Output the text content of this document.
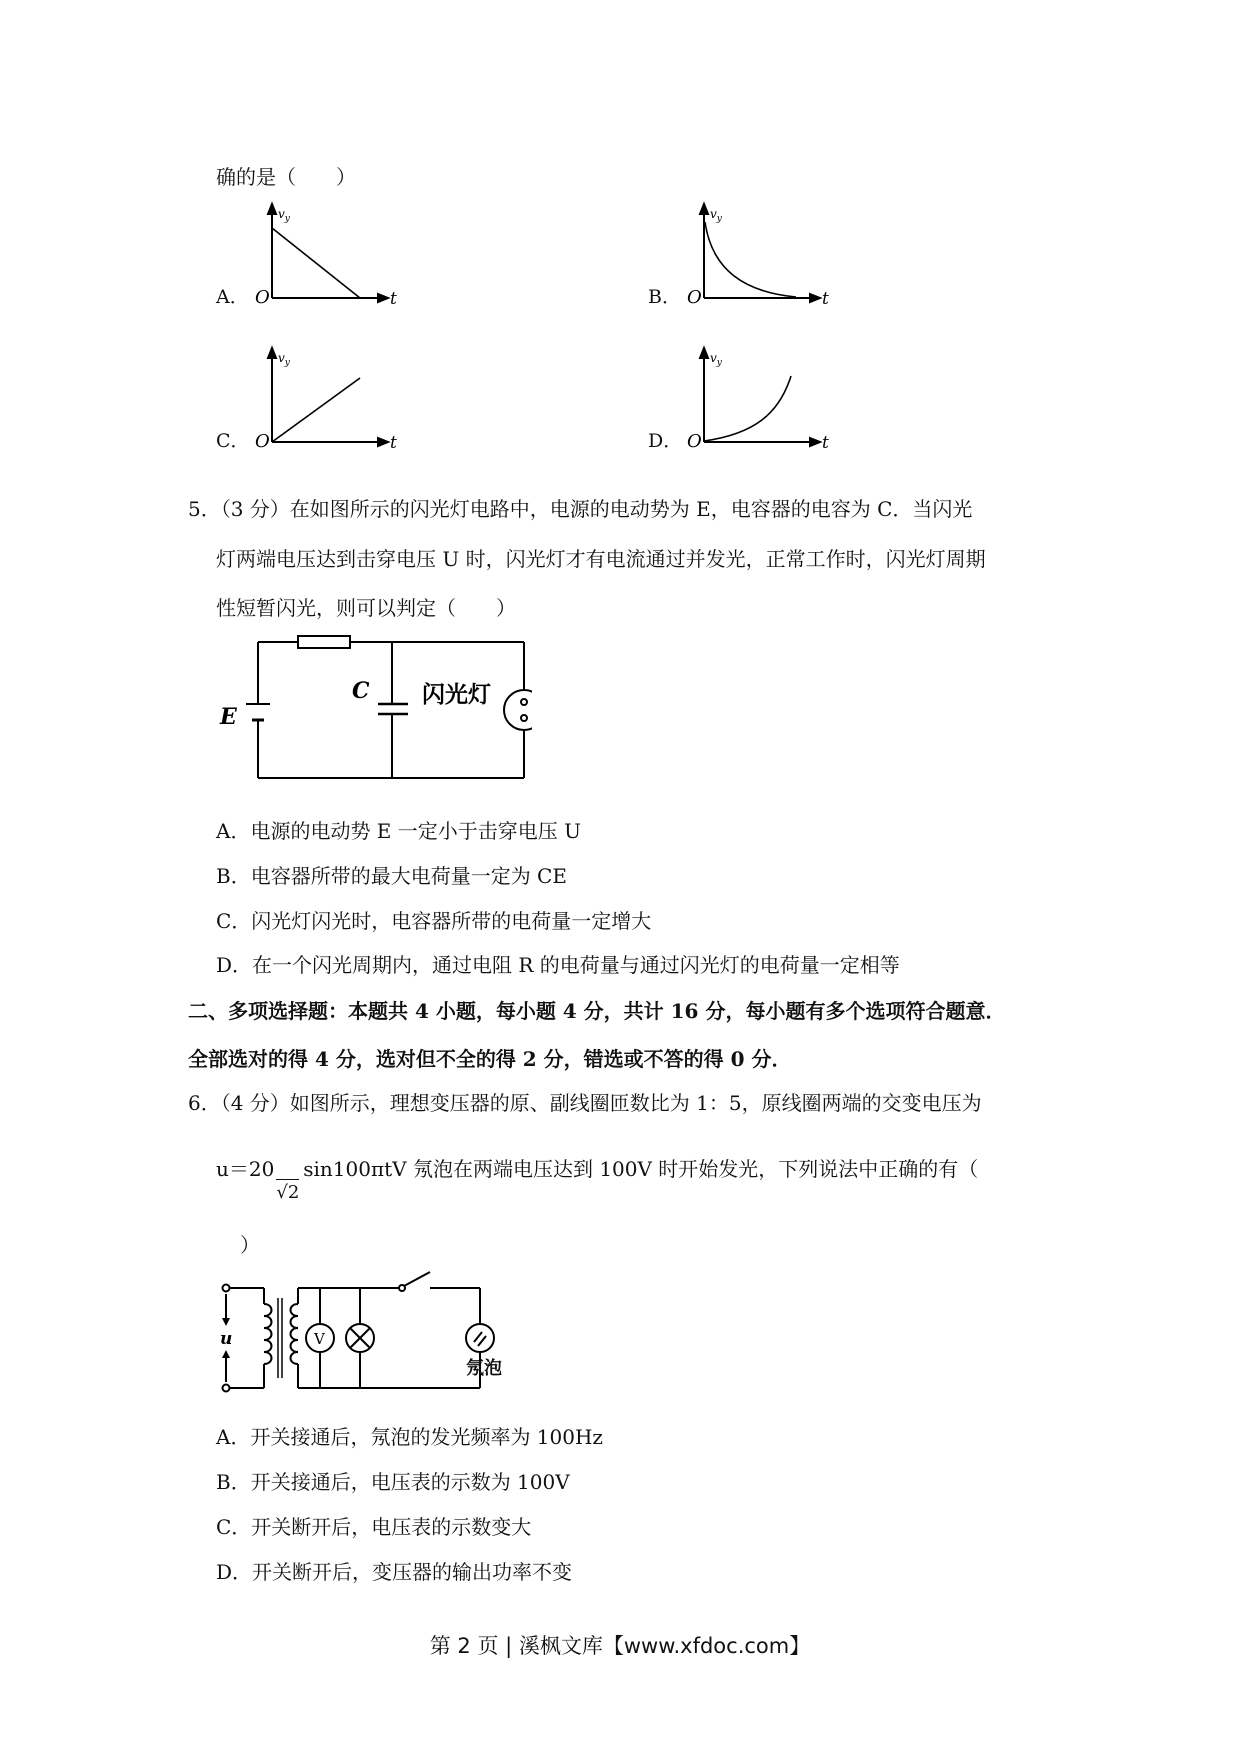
确的是（　　）
A．
$v_y$
O	t	B．
$v_y$
O	t
C．
$v_y$
O	t	D．
$v_y$
O	t
5．（3 分）在如图所示的闪光灯电路中，电源的电动势为 E，电容器的电容为 C．当闪光
灯两端电压达到击穿电压 U 时，闪光灯才有电流通过并发光，正常工作时，闪光灯周期
性短暂闪光，则可以判定（　　）
E
C 闪光灯
A．电源的电动势 E 一定小于击穿电压 U
B．电容器所带的最大电荷量一定为 CE
C．闪光灯闪光时，电容器所带的电荷量一定增大
D．在一个闪光周期内，通过电阻 R 的电荷量与通过闪光灯的电荷量一定相等
二、多项选择题：本题共 4 小题，每小题 4 分，共计 16 分，每小题有多个选项符合题意．
全部选对的得 4 分，选对但不全的得 2 分，错选或不答的得 0 分．
6．（4 分）如图所示，理想变压器的原、副线圈匝数比为 1：5，原线圈两端的交变电压为
u＝20√2sin100πtV 氖泡在两端电压达到 100V 时开始发光，下列说法中正确的有（
）
u	V
氖泡
A．开关接通后，氖泡的发光频率为 100Hz
B．开关接通后，电压表的示数为 100V
C．开关断开后，电压表的示数变大
D．开关断开后，变压器的输出功率不变
第 2 页 | 溪枫文库【www.xfdoc.com】
